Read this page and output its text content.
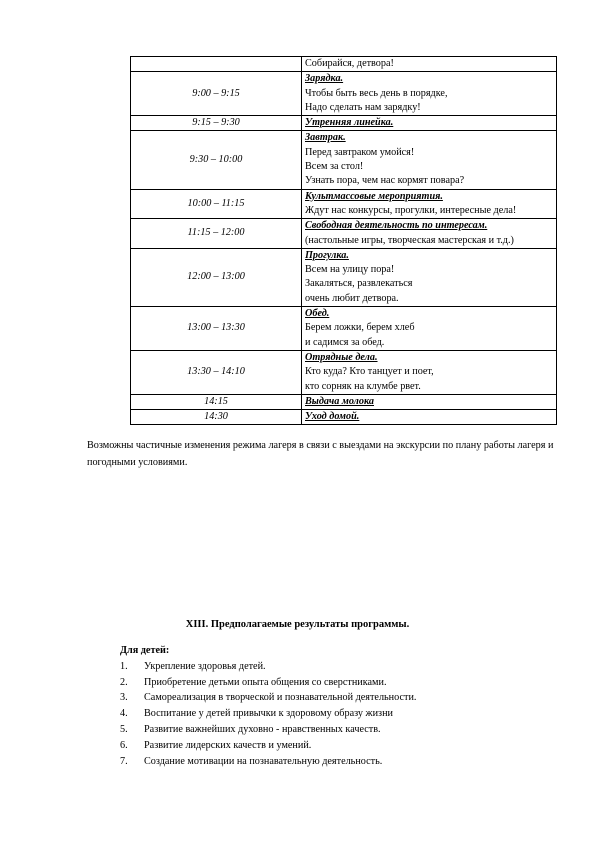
	Собирайся, детвора!

9:00 – 9:15	Зарядка.
Чтобы быть весь день в порядке,
Надо сделать нам зарядку!

9:15 – 9:30	Утренняя линейка.

9:30 – 10:00	Завтрак.
Перед завтраком умойся!
Всем за стол!
Узнать пора, чем нас кормят повара?

10:00 – 11:15	Культмассовые мероприятия.
Ждут нас конкурсы, прогулки, интересные дела!

11:15 – 12:00	Свободная деятельность по интересам.
(настольные игры, творческая мастерская и т.д.)

12:00 – 13:00	Прогулка.
Всем на улицу пора!
Закаляться, развлекаться
очень любит детвора.

13:00 – 13:30	Обед.
Берем ложки, берем хлеб
и садимся за обед.

13:30 – 14:10	Отрядные дела.
Кто куда? Кто танцует и поет,
кто сорняк на клумбе рвет.

14:15	Выдача молока

14:30	Уход домой.
Возможны частичные изменения режима лагеря в связи с выездами на экскурсии по плану работы лагеря и погодными условиями.
XIII. Предполагаемые результаты программы.
Для детей:
1.	Укрепление здоровья детей.
2.	Приобретение детьми опыта общения со сверстниками.
3.	Самореализация в творческой и познавательной деятельности.
4.	Воспитание у детей привычки к здоровому образу жизни
5.	Развитие важнейших духовно - нравственных качеств.
6.	Развитие лидерских качеств и умений.
7.	Создание мотивации на познавательную деятельность.
